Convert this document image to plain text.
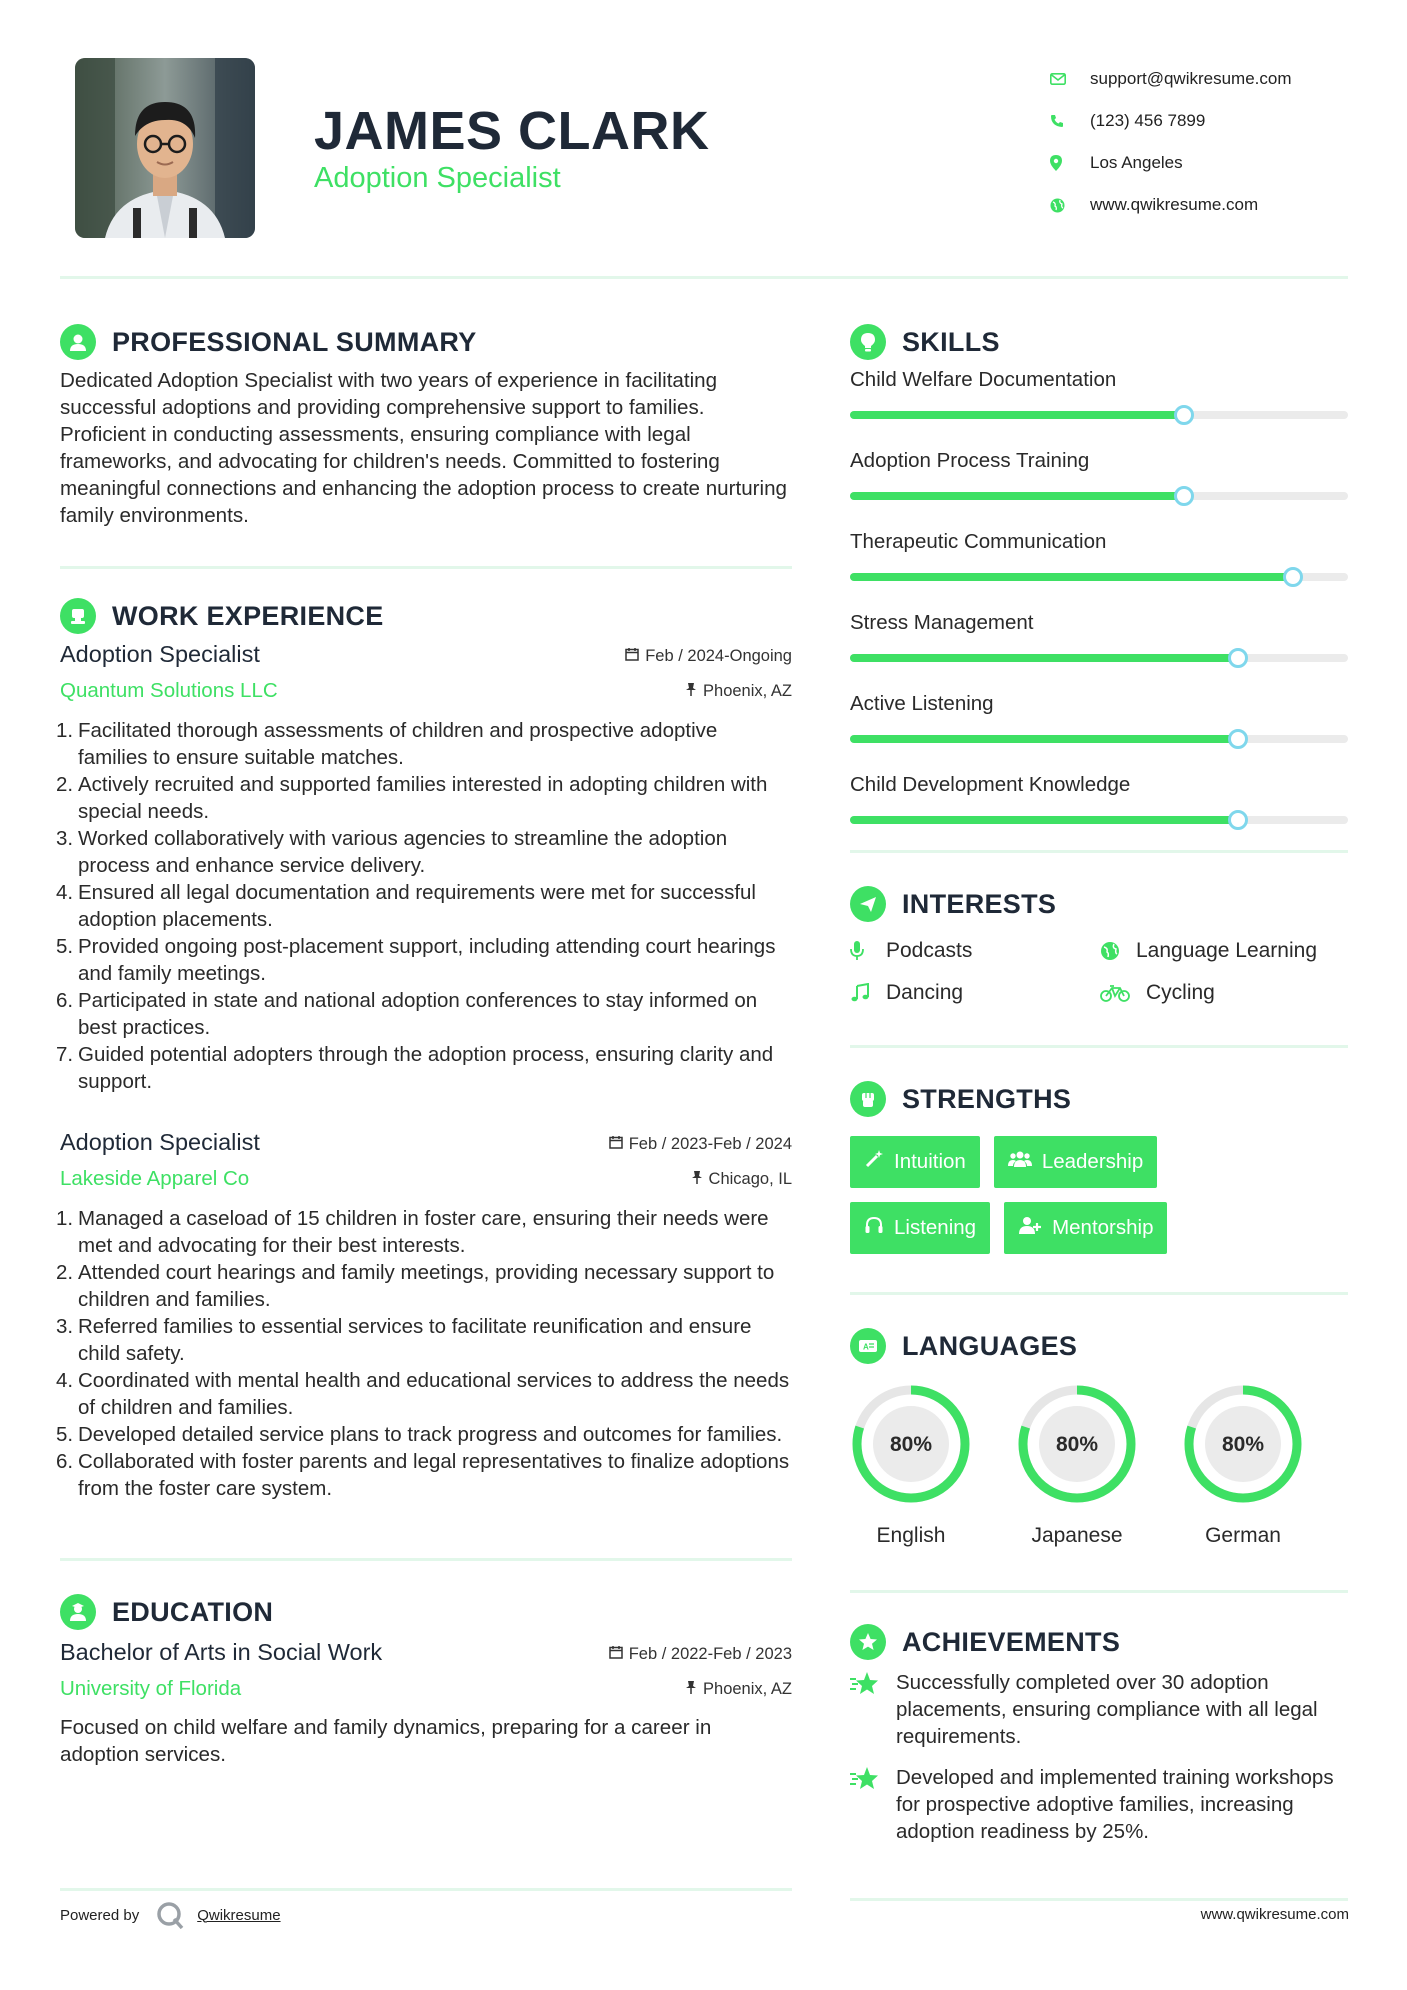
JAMES CLARK
Adoption Specialist
support@qwikresume.com
(123) 456 7899
Los Angeles
www.qwikresume.com
PROFESSIONAL SUMMARY

Dedicated Adoption Specialist with two years of experience in facilitating successful adoptions and providing comprehensive support to families. Proficient in conducting assessments, ensuring compliance with legal frameworks, and advocating for children's needs. Committed to fostering meaningful connections and enhancing the adoption process to create nurturing family environments.

WORK EXPERIENCE
Adoption Specialist	Feb / 2024-Ongoing
Quantum Solutions LLC	Phoenix, AZ
Facilitated thorough assessments of children and prospective adoptive families to ensure suitable matches.
Actively recruited and supported families interested in adopting children with special needs.
Worked collaboratively with various agencies to streamline the adoption process and enhance service delivery.
Ensured all legal documentation and requirements were met for successful adoption placements.
Provided ongoing post-placement support, including attending court hearings and family meetings.
Participated in state and national adoption conferences to stay informed on best practices.
Guided potential adopters through the adoption process, ensuring clarity and support.
Adoption Specialist	Feb / 2023-Feb / 2024
Lakeside Apparel Co	Chicago, IL
Managed a caseload of 15 children in foster care, ensuring their needs were met and advocating for their best interests.
Attended court hearings and family meetings, providing necessary support to children and families.
Referred families to essential services to facilitate reunification and ensure child safety.
Coordinated with mental health and educational services to address the needs of children and families.
Developed detailed service plans to track progress and outcomes for families.
Collaborated with foster parents and legal representatives to finalize adoptions from the foster care system.
EDUCATION
Bachelor of Arts in Social Work	Feb / 2022-Feb / 2023
University of Florida	Phoenix, AZ

Focused on child welfare and family dynamics, preparing for a career in adoption services.

SKILLS
Child Welfare Documentation
Adoption Process Training
Therapeutic Communication
Stress Management
Active Listening
Child Development Knowledge
INTERESTS
Podcasts	Language Learning
Dancing	Cycling
STRENGTHS
Intuition	Leadership
Listening	Mentorship
A LANGUAGES
80%
English
80%
Japanese
80%
German
ACHIEVEMENTS
Successfully completed over 30 adoption placements, ensuring compliance with all legal requirements.
Developed and implemented training workshops for prospective adoptive families, increasing adoption readiness by 25%.
Powered by	Qwikresume	www.qwikresume.com
